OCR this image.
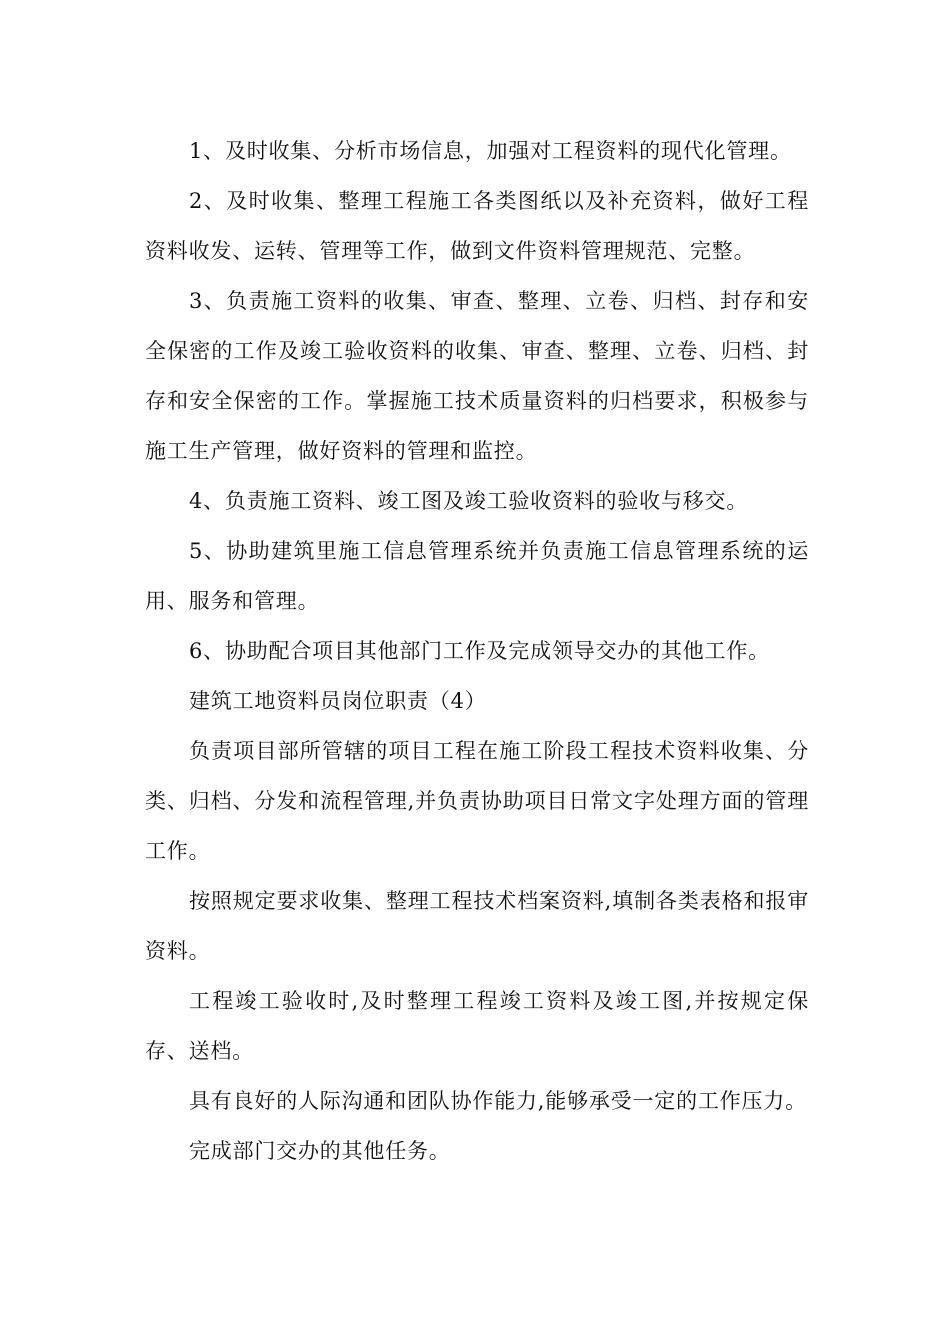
1、及时收集、分析市场信息，加强对工程资料的现代化管理。

2、及时收集、整理工程施工各类图纸以及补充资料，做好工程资料收发、运转、管理等工作，做到文件资料管理规范、完整。

3、负责施工资料的收集、审查、整理、立卷、归档、封存和安全保密的工作及竣工验收资料的收集、审查、整理、立卷、归档、封存和安全保密的工作。掌握施工技术质量资料的归档要求，积极参与施工生产管理，做好资料的管理和监控。

4、负责施工资料、竣工图及竣工验收资料的验收与移交。

5、协助建筑里施工信息管理系统并负责施工信息管理系统的运用、服务和管理。

6、协助配合项目其他部门工作及完成领导交办的其他工作。

建筑工地资料员岗位职责（4）

负责项目部所管辖的项目工程在施工阶段工程技术资料收集、分类、归档、分发和流程管理,并负责协助项目日常文字处理方面的管理工作。

按照规定要求收集、整理工程技术档案资料,填制各类表格和报审资料。

工程竣工验收时,及时整理工程竣工资料及竣工图,并按规定保存、送档。

具有良好的人际沟通和团队协作能力,能够承受一定的工作压力。

完成部门交办的其他任务。
